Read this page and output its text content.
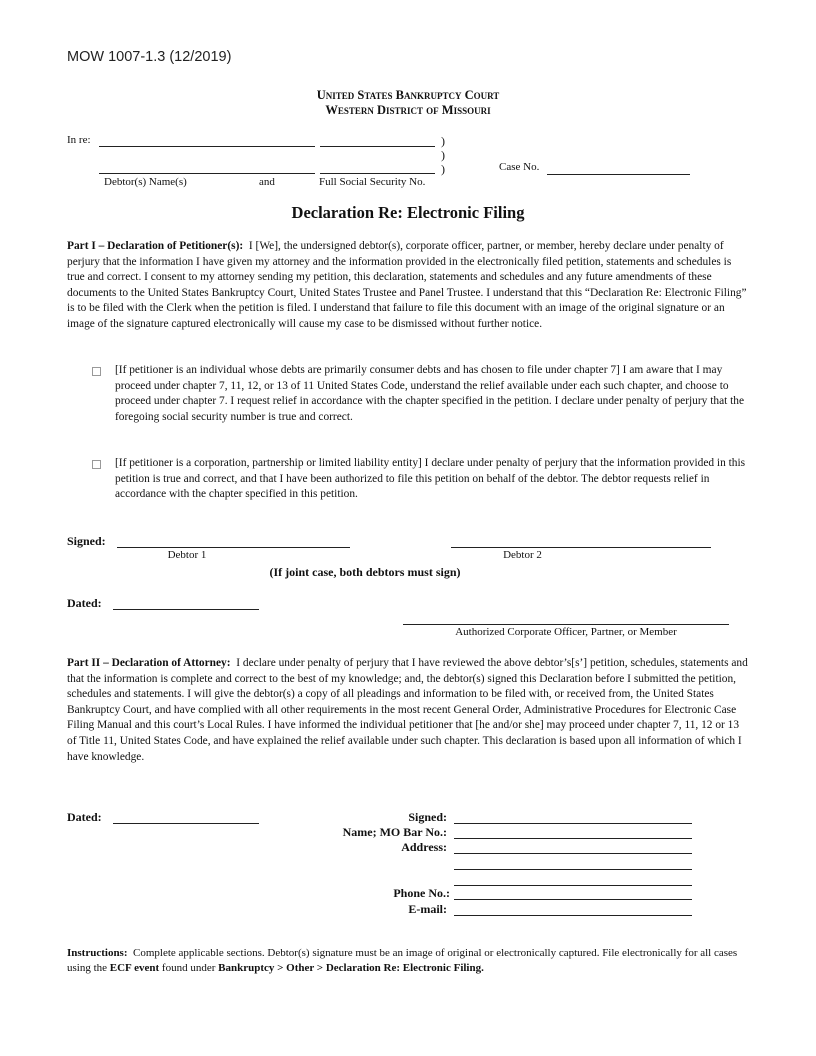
MOW 1007-1.3 (12/2019)
United States Bankruptcy Court
Western District of Missouri
In re:	)
)
)	Case No.
Debtor(s) Name(s)	and	Full Social Security No.
Declaration Re: Electronic Filing
Part I – Declaration of Petitioner(s): I [We], the undersigned debtor(s), corporate officer, partner, or member, hereby declare under penalty of perjury that the information I have given my attorney and the information provided in the electronically filed petition, statements and schedules is true and correct. I consent to my attorney sending my petition, this declaration, statements and schedules and any future amendments of these documents to the United States Bankruptcy Court, United States Trustee and Panel Trustee. I understand that this “Declaration Re: Electronic Filing” is to be filed with the Clerk when the petition is filed. I understand that failure to file this document with an image of the original signature or an image of the signature captured electronically will cause my case to be dismissed without further notice.
[If petitioner is an individual whose debts are primarily consumer debts and has chosen to file under chapter 7] I am aware that I may proceed under chapter 7, 11, 12, or 13 of 11 United States Code, understand the relief available under each such chapter, and choose to proceed under chapter 7. I request relief in accordance with the chapter specified in the petition. I declare under penalty of perjury that the foregoing social security number is true and correct.
[If petitioner is a corporation, partnership or limited liability entity] I declare under penalty of perjury that the information provided in this petition is true and correct, and that I have been authorized to file this petition on behalf of the debtor. The debtor requests relief in accordance with the chapter specified in this petition.
Signed:
Debtor 1	Debtor 2
(If joint case, both debtors must sign)
Dated:
Authorized Corporate Officer, Partner, or Member
Part II – Declaration of Attorney: I declare under penalty of perjury that I have reviewed the above debtor’s[s’] petition, schedules, statements and that the information is complete and correct to the best of my knowledge; and, the debtor(s) signed this Declaration before I submitted the petition, schedules and statements. I will give the debtor(s) a copy of all pleadings and information to be filed with, or received from, the United States Bankruptcy Court, and have complied with all other requirements in the most recent General Order, Administrative Procedures for Electronic Case Filing Manual and this court’s Local Rules. I have informed the individual petitioner that [he and/or she] may proceed under chapter 7, 11, 12 or 13 of Title 11, United States Code, and have explained the relief available under such chapter. This declaration is based upon all information of which I have knowledge.
Dated:	Signed:
Name; MO Bar No.:
Address:
Phone No.:
E-mail:
Instructions: Complete applicable sections. Debtor(s) signature must be an image of original or electronically captured. File electronically for all cases using the ECF event found under Bankruptcy > Other > Declaration Re: Electronic Filing.
